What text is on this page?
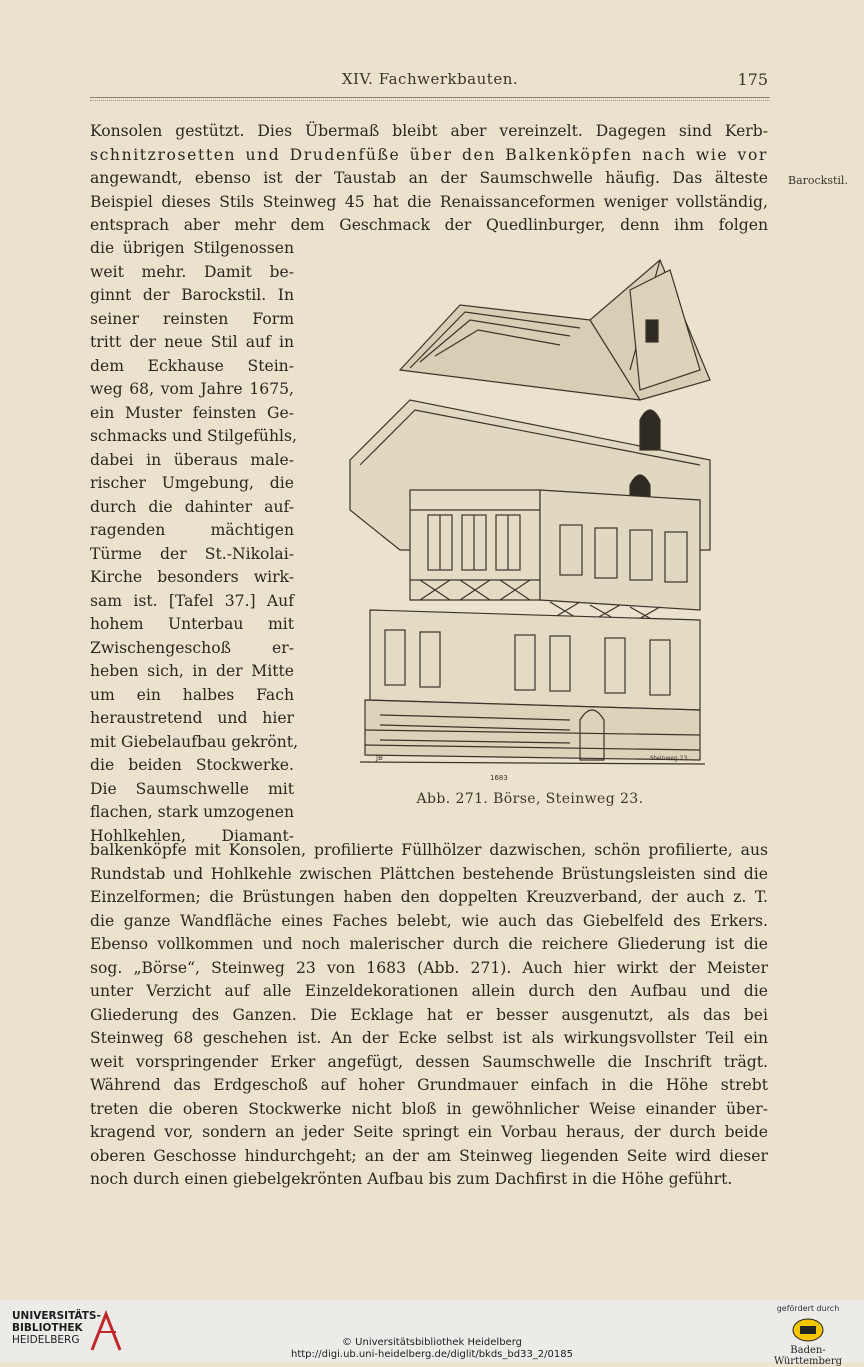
XIV. Fachwerkbauten.	175
Barockstil.
Konsolen gestützt. Dies Übermaß bleibt aber vereinzelt. Dagegen sind Kerb-
schnitzrosetten und Drudenfüße über den Balkenköpfen nach wie vor
angewandt, ebenso ist der Taustab an der Saumschwelle häufig. Das älteste
Beispiel dieses Stils Steinweg 45 hat die Renaissanceformen weniger vollständig,
entsprach aber mehr dem Geschmack der Quedlinburger, denn ihm folgen
die übrigen Stilgenossen
weit mehr. Damit be-
ginnt der Barockstil. In
seiner reinsten Form
tritt der neue Stil auf in
dem Eckhause Stein-
weg 68, vom Jahre 1675,
ein Muster feinsten Ge-
schmacks und Stilgefühls,
dabei in überaus male-
rischer Umgebung, die
durch die dahinter auf-
ragenden mächtigen
Türme der St.-Nikolai-
Kirche besonders wirk-
sam ist. [Tafel 37.] Auf
hohem Unterbau mit
Zwischengeschoß er-
heben sich, in der Mitte
um ein halbes Fach
heraustretend und hier
mit Giebelaufbau gekrönt,
die beiden Stockwerke.
Die Saumschwelle mit
flachen, stark umzogenen
Hohlkehlen, Diamant-
JB
1683
Steinweg 23
Abb. 271. Börse, Steinweg 23.
balkenköpfe mit Konsolen, profilierte Füllhölzer dazwischen, schön profilierte, aus
Rundstab und Hohlkehle zwischen Plättchen bestehende Brüstungsleisten sind die
Einzelformen; die Brüstungen haben den doppelten Kreuzverband, der auch z. T.
die ganze Wandfläche eines Faches belebt, wie auch das Giebelfeld des Erkers.
Ebenso vollkommen und noch malerischer durch die reichere Gliederung ist die
sog. „Börse“, Steinweg 23 von 1683 (Abb. 271). Auch hier wirkt der Meister
unter Verzicht auf alle Einzeldekorationen allein durch den Aufbau und die
Gliederung des Ganzen. Die Ecklage hat er besser ausgenutzt, als das bei
Steinweg 68 geschehen ist. An der Ecke selbst ist als wirkungsvollster Teil ein
weit vorspringender Erker angefügt, dessen Saumschwelle die Inschrift trägt.
Während das Erdgeschoß auf hoher Grundmauer einfach in die Höhe strebt
treten die oberen Stockwerke nicht bloß in gewöhnlicher Weise einander über-
kragend vor, sondern an jeder Seite springt ein Vorbau heraus, der durch beide
oberen Geschosse hindurchgeht; an der am Steinweg liegenden Seite wird dieser
noch durch einen giebelgekrönten Aufbau bis zum Dachfirst in die Höhe geführt.
UNIVERSITÄTS-
BIBLIOTHEK
HEIDELBERG	© Universitätsbibliothek Heidelberg
http://digi.ub.uni-heidelberg.de/diglit/bkds_bd33_2/0185
gefördert durch
Baden-Württemberg
